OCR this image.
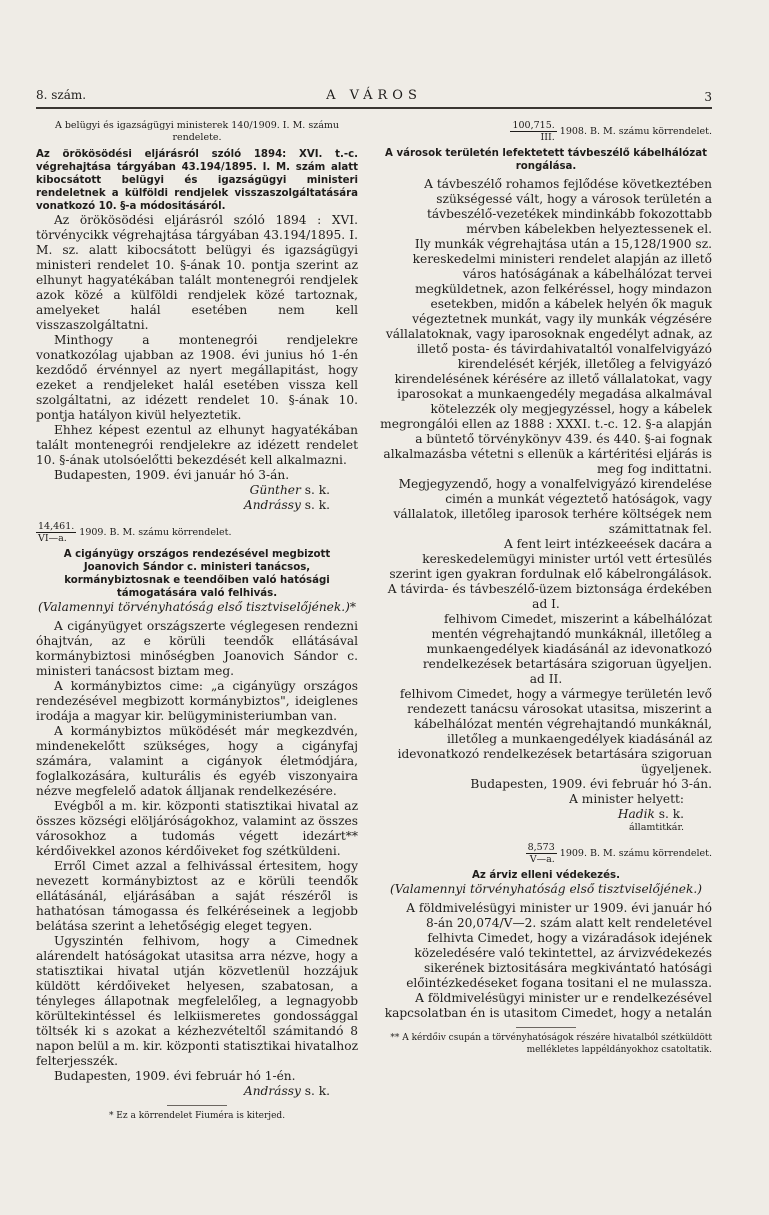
8. szám.	A VÁROS	3

A belügyi és igazságügyi ministerek 140/1909. I. M. számu rendelete.

Az örökösödési eljárásról szóló 1894: XVI. t.-c. végrehajtása tárgyában 43.194/1895. I. M. szám alatt kibocsátott belügyi és igazságügyi ministeri rendeletnek a külföldi rendjelek visszaszolgáltatására vonatkozó 10. §-a módositásáról.

Az örökösödési eljárásról szóló 1894 : XVI. törvénycikk végrehajtása tárgyában 43.194/1895. I. M. sz. alatt kibocsátott belügyi és igazságügyi ministeri rendelet 10. §-ának 10. pontja szerint az elhunyt hagyatékában talált montenegrói rendjelek azok közé a külföldi rendjelek közé tartoznak, amelyeket halál esetében nem kell visszaszolgáltatni.

Minthogy a montenegrói rendjelekre vonatkozólag ujabban az 1908. évi junius hó 1-én kezdődő érvénnyel az nyert megállapitást, hogy ezeket a rendjeleket halál esetében vissza kell szolgáltatni, az idézett rendelet 10. §-ának 10. pontja hatályon kivül helyeztetik.

Ehhez képest ezentul az elhunyt hagyatékában talált montenegrói rendjelekre az idézett rendelet 10. §-ának utolsóelőtti bekezdését kell alkalmazni.

Budapesten, 1909. évi január hó 3-án.

Günther s. k.

Andrássy s. k.

$\frac{14,461.}{VI—a.} 1909$. B. M. számu körrendelet.

A cigányügy országos rendezésével megbizott Joanovich Sándor c. ministeri tanácsos, kormánybiztosnak e teendőiben való hatósági támogatására való felhivás.

(Valamennyi törvényhatóság első tisztviselőjének.)*

A cigányügyet országszerte véglegesen rendezni óhajtván, az e körüli teendők ellátásával kormánybiztosi minőségben Joanovich Sándor c. ministeri tanácsost biztam meg.

A kormánybiztos cime: „a cigányügy országos rendezésével megbizott kormánybiztos", ideiglenes irodája a magyar kir. belügyministeriumban van.

A kormánybiztos müködését már megkezdvén, mindenekelőtt szükséges, hogy a cigányfaj számára, valamint a cigányok életmódjára, foglalkozására, kulturális és egyéb viszonyaira nézve megfelelő adatok álljanak rendelkezésére.

Evégből a m. kir. központi statisztikai hivatal az összes községi elöljáróságokhoz, valamint az összes városokhoz a tudomás végett idezárt** kérdőivekkel azonos kérdőiveket fog szétküldeni.

Erről Cimet azzal a felhivással értesitem, hogy nevezett kormánybiztost az e körüli teendők ellátásánál, eljárásában a saját részéről is hathatósan támogassa és felkéréseinek a legjobb belátása szerint a lehetőségig eleget tegyen.

Ugyszintén felhivom, hogy a Cimednek alárendelt hatóságokat utasitsa arra nézve, hogy a statisztikai hivatal utján közvetlenül hozzájuk küldött kérdőiveket helyesen, szabatosan, a tényleges állapotnak megfelelőleg, a legnagyobb körültekintéssel és lelkiismeretes gondossággal töltsék ki s azokat a kézhezvételtől számitandó 8 napon belül a m. kir. központi statisztikai hivatalhoz felterjesszék.

Budapesten, 1909. évi február hó 1-én.

Andrássy s. k.

* Ez a körrendelet Fiuméra is kiterjed.

$\frac{100,715.}{\text{III.}} 1908$. B. M. számu körrendelet.

A városok területén lefektetett távbeszélő kábelhálózat rongálása.

A távbeszélő rohamos fejlődése következtében szükségessé vált, hogy a városok területén a távbeszélő-vezetékek mindinkább fokozottabb mérvben kábelekben helyeztessenek el.

Ily munkák végrehajtása után a 15,128/1900 sz. kereskedelmi ministeri rendelet alapján az illető város hatóságának a kábelhálózat tervei megküldetnek, azon felkéréssel, hogy mindazon esetekben, midőn a kábelek helyén ők maguk végeztetnek munkát, vagy ily munkák végzésére vállalatoknak, vagy iparosoknak engedélyt adnak, az illető posta- és távirdahivataltól vonalfelvigyázó kirendelését kérjék, illetőleg a felvigyázó kirendelésének kérésére az illető vállalatokat, vagy iparosokat a munkaengedély megadása alkalmával kötelezzék oly megjegyzéssel, hogy a kábelek megrongálói ellen az 1888 : XXXI. t.-c. 12. §-a alapján a büntető törvénykönyv 439. és 440. §-ai fognak alkalmazásba vétetni s ellenük a kártéritési eljárás is meg fog indittatni.

Megjegyzendő, hogy a vonalfelvigyázó kirendelése cimén a munkát végeztető hatóságok, vagy vállalatok, illetőleg iparosok terhére költségek nem számittatnak fel.

A fent leirt intézkeeések dacára a kereskedelemügyi minister urtól vett értesülés szerint igen gyakran fordulnak elő kábelrongálások. A távirda- és távbeszélő-üzem biztonsága érdekében

ad I.

felhivom Cimedet, miszerint a kábelhálózat mentén végrehajtandó munkáknál, illetőleg a munkaengedélyek kiadásánál az idevonatkozó rendelkezések betartására szigoruan ügyeljen.

ad II.

felhivom Cimedet, hogy a vármegye területén levő rendezett tanácsu városokat utasitsa, miszerint a kábelhálózat mentén végrehajtandó munkáknál, illetőleg a munkaengedélyek kiadásánál az idevonatkozó rendelkezések betartására szigoruan ügyeljenek.

Budapesten, 1909. évi február hó 3-án.

A minister helyett:

Hadik s. k.

államtitkár.

$\frac{8,573}{V—a.} 1909$. B. M. számu körrendelet.

Az árviz elleni védekezés.

(Valamennyi törvényhatóság első tisztviselőjének.)

A földmivelésügyi minister ur 1909. évi január hó 8-án 20,074/V—2. szám alatt kelt rendeletével felhivta Cimedet, hogy a vizáradások idejének közeledésére való tekintettel, az árvizvédekezés sikerének biztositására megkivántató hatósági előintézkedéseket fogana tositani el ne mulassza.

A földmivelésügyi minister ur e rendelkezésével kapcsolatban én is utasitom Cimedet, hogy a netalán

** A kérdőiv csupán a törvényhatóságok részére hivatalból szétküldött mellékletes lappéldányokhoz csatoltatik.
